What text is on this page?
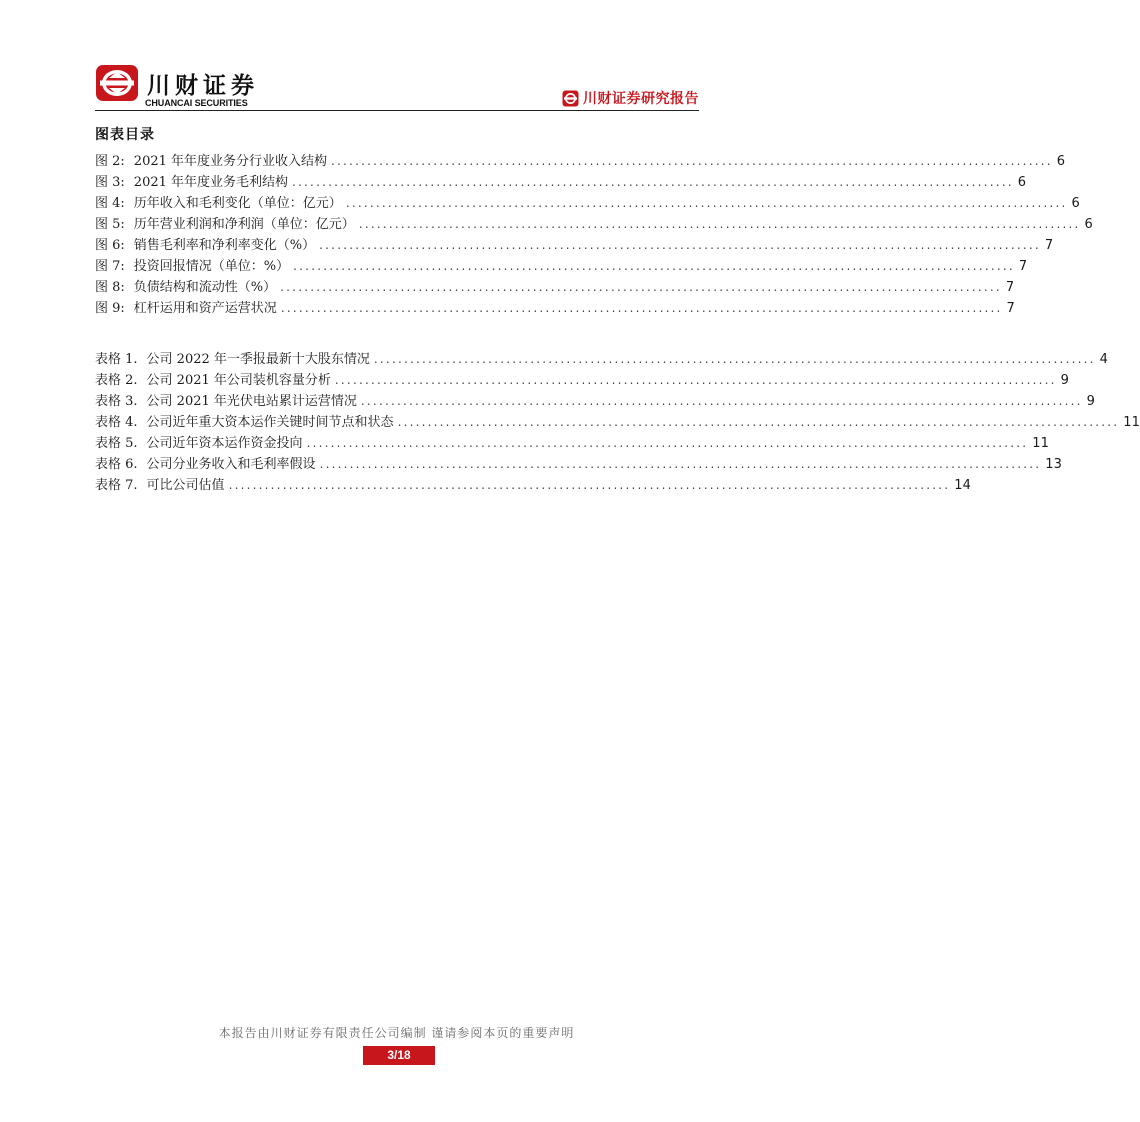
川财证券
CHUANCAI SECURITIES	川财证券研究报告
图表目录
图 2: 2021 年年度业务分行业收入结构 ........................................................................................................................ 6
图 3: 2021 年年度业务毛利结构 ........................................................................................................................ 6
图 4: 历年收入和毛利变化（单位：亿元） ........................................................................................................................ 6
图 5: 历年营业利润和净利润（单位：亿元） ........................................................................................................................ 6
图 6: 销售毛利率和净利率变化（%） ........................................................................................................................ 7
图 7: 投资回报情况（单位：%） ........................................................................................................................ 7
图 8: 负债结构和流动性（%） ........................................................................................................................ 7
图 9: 杠杆运用和资产运营状况 ........................................................................................................................ 7
表格 1. 公司 2022 年一季报最新十大股东情况 ........................................................................................................................ 4
表格 2. 公司 2021 年公司装机容量分析 ........................................................................................................................ 9
表格 3. 公司 2021 年光伏电站累计运营情况 ........................................................................................................................ 9
表格 4. 公司近年重大资本运作关键时间节点和状态 ........................................................................................................................ 11
表格 5. 公司近年资本运作资金投向 ........................................................................................................................ 11
表格 6. 公司分业务收入和毛利率假设 ........................................................................................................................ 13
表格 7. 可比公司估值 ........................................................................................................................ 14
本报告由川财证券有限责任公司编制 谨请参阅本页的重要声明
3/18
